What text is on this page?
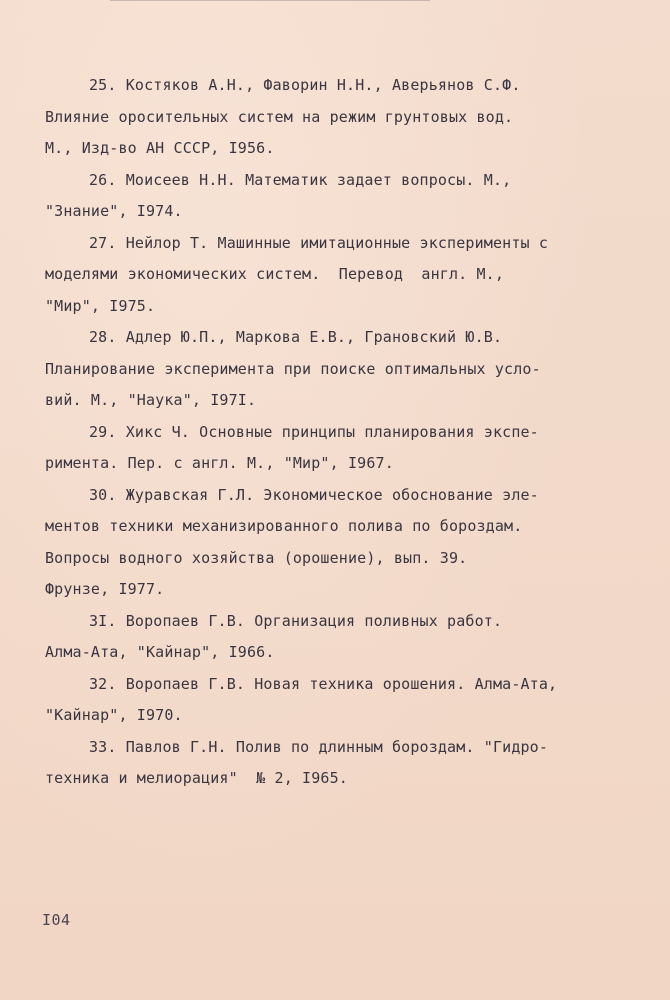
25. Костяков А.Н., Фаворин Н.Н., Аверьянов С.Ф.
Влияние оросительных систем на режим грунтовых вод.
М., Изд-во АН СССР, I956.
26. Моисеев Н.Н. Математик задает вопросы. М.,
"Знание", I974.
27. Нейлор Т. Машинные имитационные эксперименты с
моделями экономических систем.  Перевод  англ. М.,
"Мир", I975.
28. Адлер Ю.П., Маркова Е.В., Грановский Ю.В.
Планирование эксперимента при поиске оптимальных усло-
вий. М., "Наука", I97I.
29. Хикс Ч. Основные принципы планирования экспе-
римента. Пер. с англ. М., "Мир", I967.
30. Журавская Г.Л. Экономическое обоснование эле-
ментов техники механизированного полива по бороздам.
Вопросы водного хозяйства (орошение), вып. 39.
Фрунзе, I977.
3I. Воропаев Г.В. Организация поливных работ.
Алма-Ата, "Кайнар", I966.
32. Воропаев Г.В. Новая техника орошения. Алма-Ата,
"Кайнар", I970.
33. Павлов Г.Н. Полив по длинным бороздам. "Гидро-
техника и мелиорация"  № 2, I965.
I04
